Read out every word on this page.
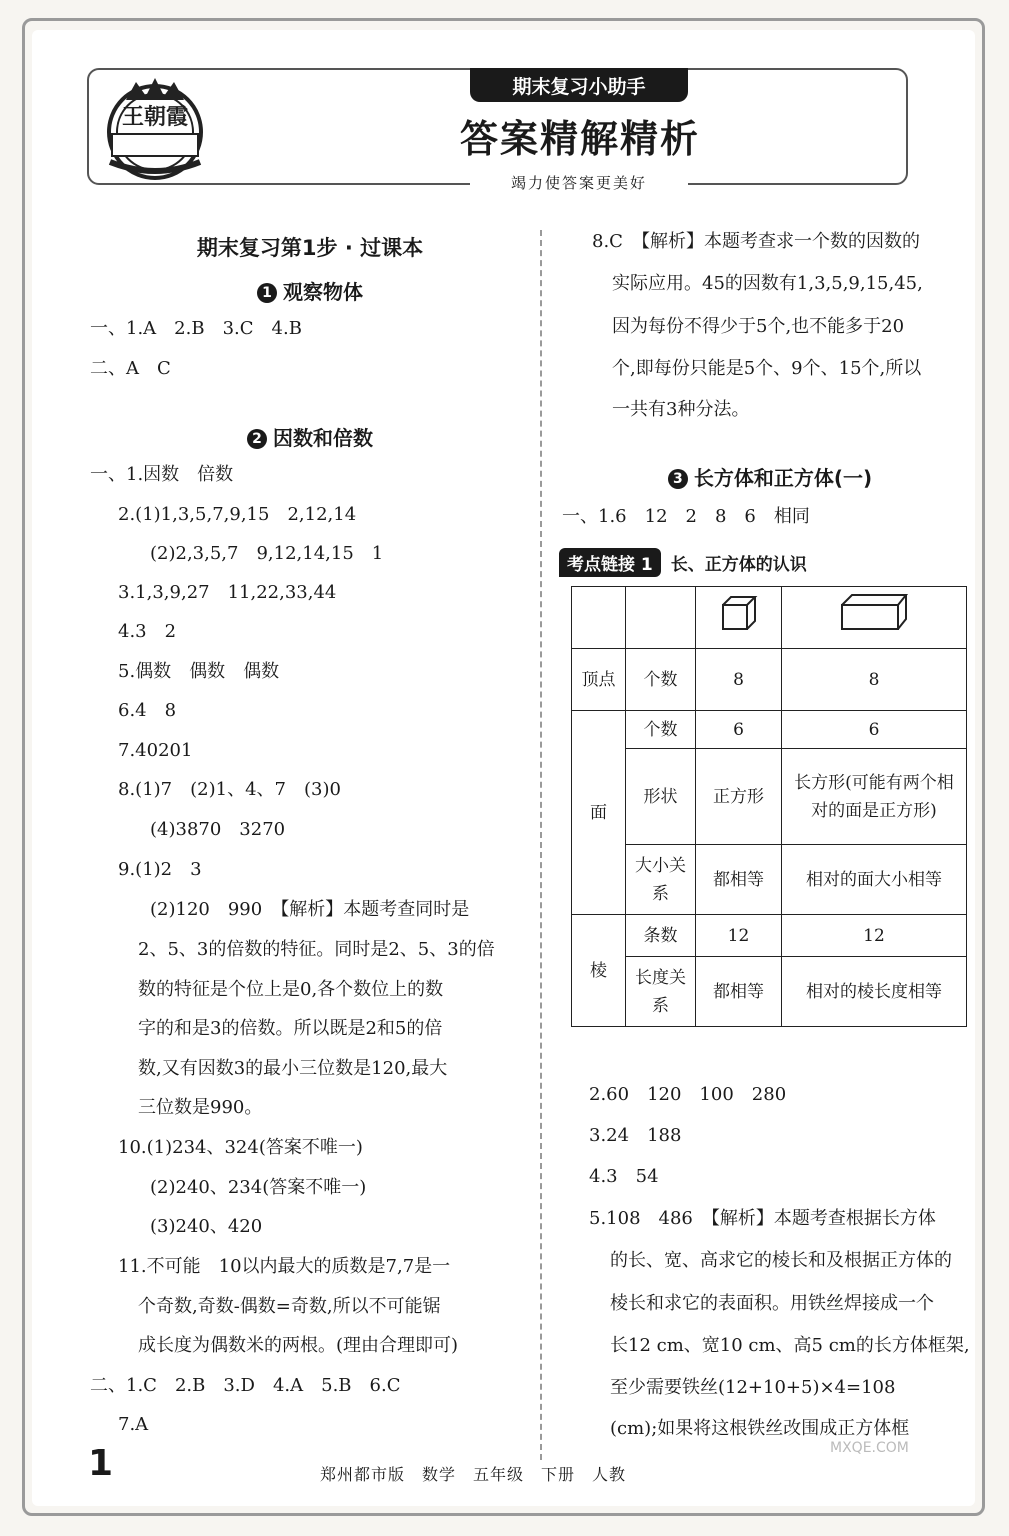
王朝霞
期末复习小助手
答案精解精析
竭力使答案更美好
期末复习第1步 · 过课本
1 观察物体
一、1.A　2.B　3.C　4.B
二、A　C
2 因数和倍数
一、1.因数　倍数
2.(1)1,3,5,7,9,15　2,12,14
(2)2,3,5,7　9,12,14,15　1
3.1,3,9,27　11,22,33,44
4.3　2
5.偶数　偶数　偶数
6.4　8
7.40201
8.(1)7　(2)1、4、7　(3)0
(4)3870　3270
9.(1)2　3
(2)120　990　【解析】本题考查同时是
2、5、3的倍数的特征。同时是2、5、3的倍
数的特征是个位上是0,各个数位上的数
字的和是3的倍数。所以既是2和5的倍
数,又有因数3的最小三位数是120,最大
三位数是990。
10.(1)234、324(答案不唯一)
(2)240、234(答案不唯一)
(3)240、420
11.不可能　10以内最大的质数是7,7是一
个奇数,奇数-偶数=奇数,所以不可能锯
成长度为偶数米的两根。(理由合理即可)
二、1.C　2.B　3.D　4.A　5.B　6.C
7.A
8.C　【解析】本题考查求一个数的因数的
实际应用。45的因数有1,3,5,9,15,45,
因为每份不得少于5个,也不能多于20
个,即每份只能是5个、9个、15个,所以
一共有3种分法。
3 长方体和正方体(一)
一、1.6　12　2　8　6　相同
考点链接 1	长、正方体的认识

顶点	个数	8	8
面	个数	6	6
	形状	正方形	长方形(可能有两个相对的面是正方形)
	大小关系	都相等	相对的面大小相等
棱	条数	12	12
	长度关系	都相等	相对的棱长度相等
2.60　120　100　280
3.24　188
4.3　54
5.108　486　【解析】本题考查根据长方体
的长、宽、高求它的棱长和及根据正方体的
棱长和求它的表面积。用铁丝焊接成一个
长12 cm、宽10 cm、高5 cm的长方体框架,
至少需要铁丝(12+10+5)×4=108
(cm);如果将这根铁丝改围成正方体框
1	郑州都市版　数学　五年级　下册　人教
MXQE.COM
